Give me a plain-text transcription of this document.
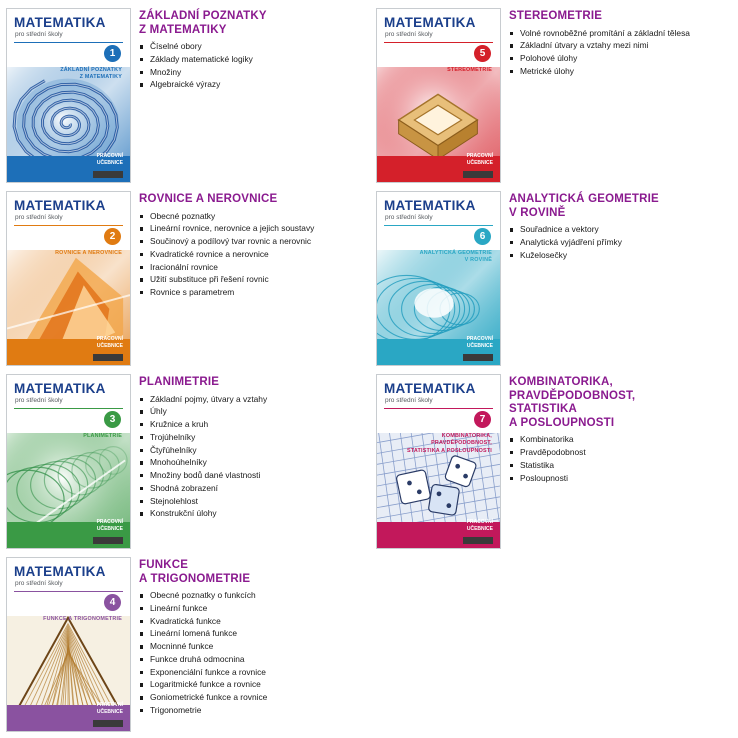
MATEMATIKA
pro střední školy
1
ZÁKLADNÍ POZNATKY
Z MATEMATIKY
PRACOVNÍ
UČEBNICE
ZÁKLADNÍ POZNATKY
Z MATEMATIKY
Číselné obory
Základy matematické logiky
Množiny
Algebraické výrazy
MATEMATIKA
pro střední školy
2
ROVNICE A NEROVNICE
PRACOVNÍ
UČEBNICE
ROVNICE A NEROVNICE
Obecné poznatky
Lineární rovnice, nerovnice a jejich soustavy
Součinový a podílový tvar rovnic a nerovnic
Kvadratické rovnice a nerovnice
Iracionální rovnice
Užití substituce při řešení rovnic
Rovnice s parametrem
MATEMATIKA
pro střední školy
3
PLANIMETRIE
PRACOVNÍ
UČEBNICE
PLANIMETRIE
Základní pojmy, útvary a vztahy
Úhly
Kružnice a kruh
Trojúhelníky
Čtyřúhelníky
Mnohoúhelníky
Množiny bodů dané vlastnosti
Shodná zobrazení
Stejnolehlost
Konstrukční úlohy
MATEMATIKA
pro střední školy
4
FUNKCE A TRIGONOMETRIE
PRACOVNÍ
UČEBNICE
FUNKCE
A TRIGONOMETRIE
Obecné poznatky o funkcích
Lineární funkce
Kvadratická funkce
Lineární lomená funkce
Mocninné funkce
Funkce druhá odmocnina
Exponenciální funkce a rovnice
Logaritmické funkce a rovnice
Goniometrické funkce a rovnice
Trigonometrie
MATEMATIKA
pro střední školy
5
STEREOMETRIE
PRACOVNÍ
UČEBNICE
STEREOMETRIE
Volné rovnoběžné promítání a základní tělesa
Základní útvary a vztahy mezi nimi
Polohové úlohy
Metrické úlohy
MATEMATIKA
pro střední školy
6
ANALYTICKÁ GEOMETRIE
V ROVINĚ
PRACOVNÍ
UČEBNICE
ANALYTICKÁ GEOMETRIE
V ROVINĚ
Souřadnice a vektory
Analytická vyjádření přímky
Kuželosečky
MATEMATIKA
pro střední školy
7
KOMBINATORIKA, PRAVDĚPODOBNOST,
STATISTIKA A POSLOUPNOSTI
PRACOVNÍ
UČEBNICE
KOMBINATORIKA,
PRAVDĚPODOBNOST,
STATISTIKA
A POSLOUPNOSTI
Kombinatorika
Pravděpodobnost
Statistika
Posloupnosti
